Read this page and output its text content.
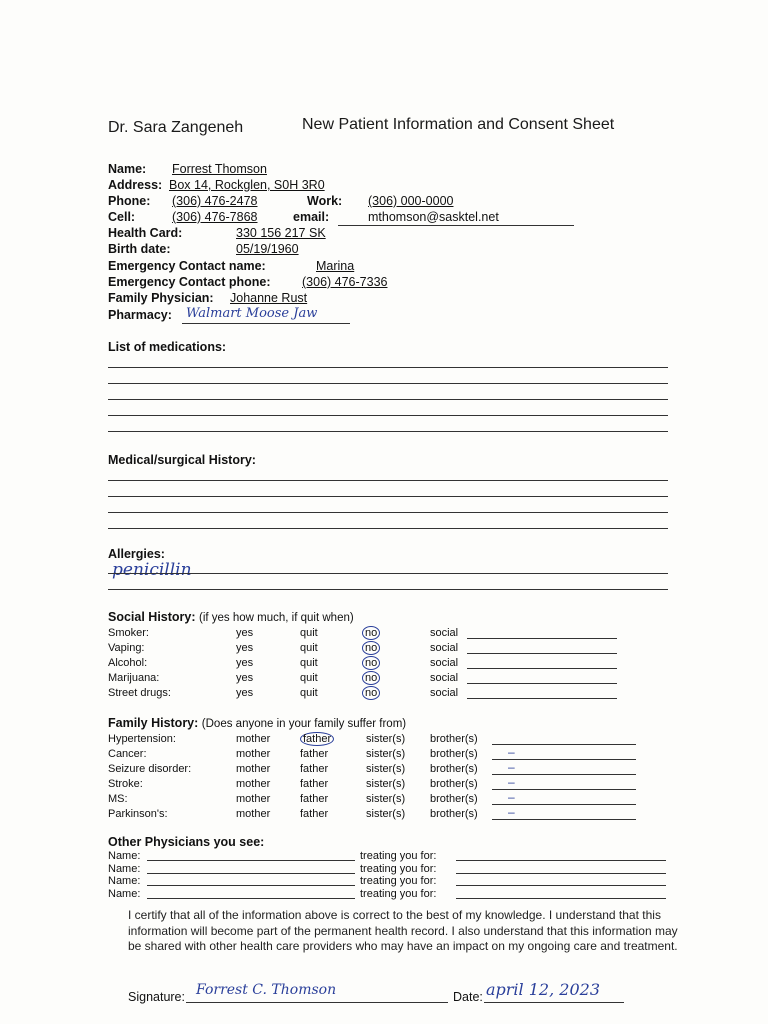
Dr. Sara Zangeneh	New Patient Information and Consent Sheet
Name: Forrest Thomson
Address: Box 14, Rockglen, S0H 3R0
Phone: (306) 476-2478	Work: (306) 000-0000
Cell:	(306) 476-7868	email:	mthomson@sasktel.net
Health Card:	330 156 217 SK
Birth date:	05/19/1960
Emergency Contact name:	Marina
Emergency Contact phone:	(306) 476-7336
Family Physician: Johanne Rust
Pharmacy: Walmart Moose Jaw
List of medications:
Medical/surgical History:
Allergies:
penicillin
Social History: (if yes how much, if quit when)
Smoker:	yes	quit	no	social
Vaping:	yes	quit	no	social
Alcohol:	yes	quit	no	social
Marijuana:	yes	quit	no	social
Street drugs:	yes	quit	no	social
Family History: (Does anyone in your family suffer from)
Hypertension:	mother	father	sister(s) brother(s)
Cancer:	mother	father	sister(s) brother(s)	–
Seizure disorder:	mother	father	sister(s) brother(s)	–
Stroke:	mother	father	sister(s) brother(s)	–
MS:	mother	father	sister(s) brother(s)	–
Parkinson's:	mother	father	sister(s) brother(s)	–
Other Physicians you see:
Name:	treating you for:
Name:	treating you for:
Name:	treating you for:
Name:	treating you for:
I certify that all of the information above is correct to the best of my knowledge. I understand that this information will become part of the permanent health record. I also understand that this information may be shared with other health care providers who may have an impact on my ongoing care and treatment.
Signature: Forrest C. Thomson	Date: april 12, 2023
